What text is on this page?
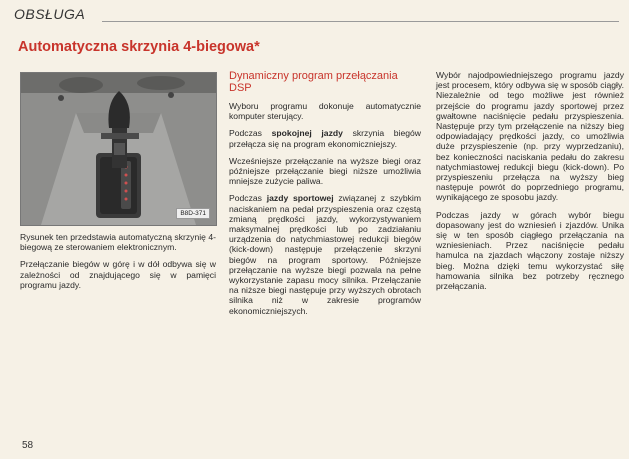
OBSŁUGA
Automatyczna skrzynia 4-biegowa*
B8D-371

Rysunek ten przedstawia automatyczną skrzynię 4-biegową ze sterowaniem elektronicznym.

Przełączanie biegów w górę i w dół odbywa się w zależności od znajdującego się w pamięci programu jazdy.

Dynamiczny program przełączania DSP

Wyboru programu dokonuje automatycznie komputer sterujący.

Podczas spokojnej jazdy skrzynia biegów przełącza się na program ekonomiczniejszy.

Wcześniejsze przełączanie na wyższe biegi oraz późniejsze przełączanie biegi niższe umożliwia mniejsze zużycie paliwa.

Podczas jazdy sportowej związanej z szybkim naciskaniem na pedał przyspieszenia oraz częstą zmianą prędkości jazdy, wykorzystywaniem maksymalnej prędkości lub po zadziałaniu urządzenia do natychmiastowej redukcji biegów (kick-down) następuje przełączenie skrzyni biegów na program sportowy. Późniejsze przełączanie na wyższe biegi pozwala na pełne wykorzystanie zapasu mocy silnika. Przełączanie na niższe biegi następuje przy wyższych obrotach silnika niż w zakresie programów ekonomiczniejszych.

Wybór najodpowiedniejszego programu jazdy jest procesem, który odbywa się w sposób ciągły. Niezależnie od tego możliwe jest również przejście do programu jazdy sportowej przez gwałtowne naciśnięcie pedału przyspieszenia. Następuje przy tym przełączenie na niższy bieg odpowiadający prędkości jazdy, co umożliwia duże przyspieszenie (np. przy wyprzedzaniu), bez konieczności naciskania pedału do zakresu natychmiastowej redukcji biegu (kick-down). Po przyspieszeniu przełącza na wyższy bieg następuje powrót do poprzedniego programu, wynikającego ze sposobu jazdy.

Podczas jazdy w górach wybór biegu dopasowany jest do wzniesień i zjazdów. Unika się w ten sposób ciągłego przełączania na wzniesieniach. Przez naciśnięcie pedału hamulca na zjazdach włączony zostaje niższy bieg. Można dzięki temu wykorzystać siłę hamowania silnika bez potrzeby ręcznego przełączania.

58
